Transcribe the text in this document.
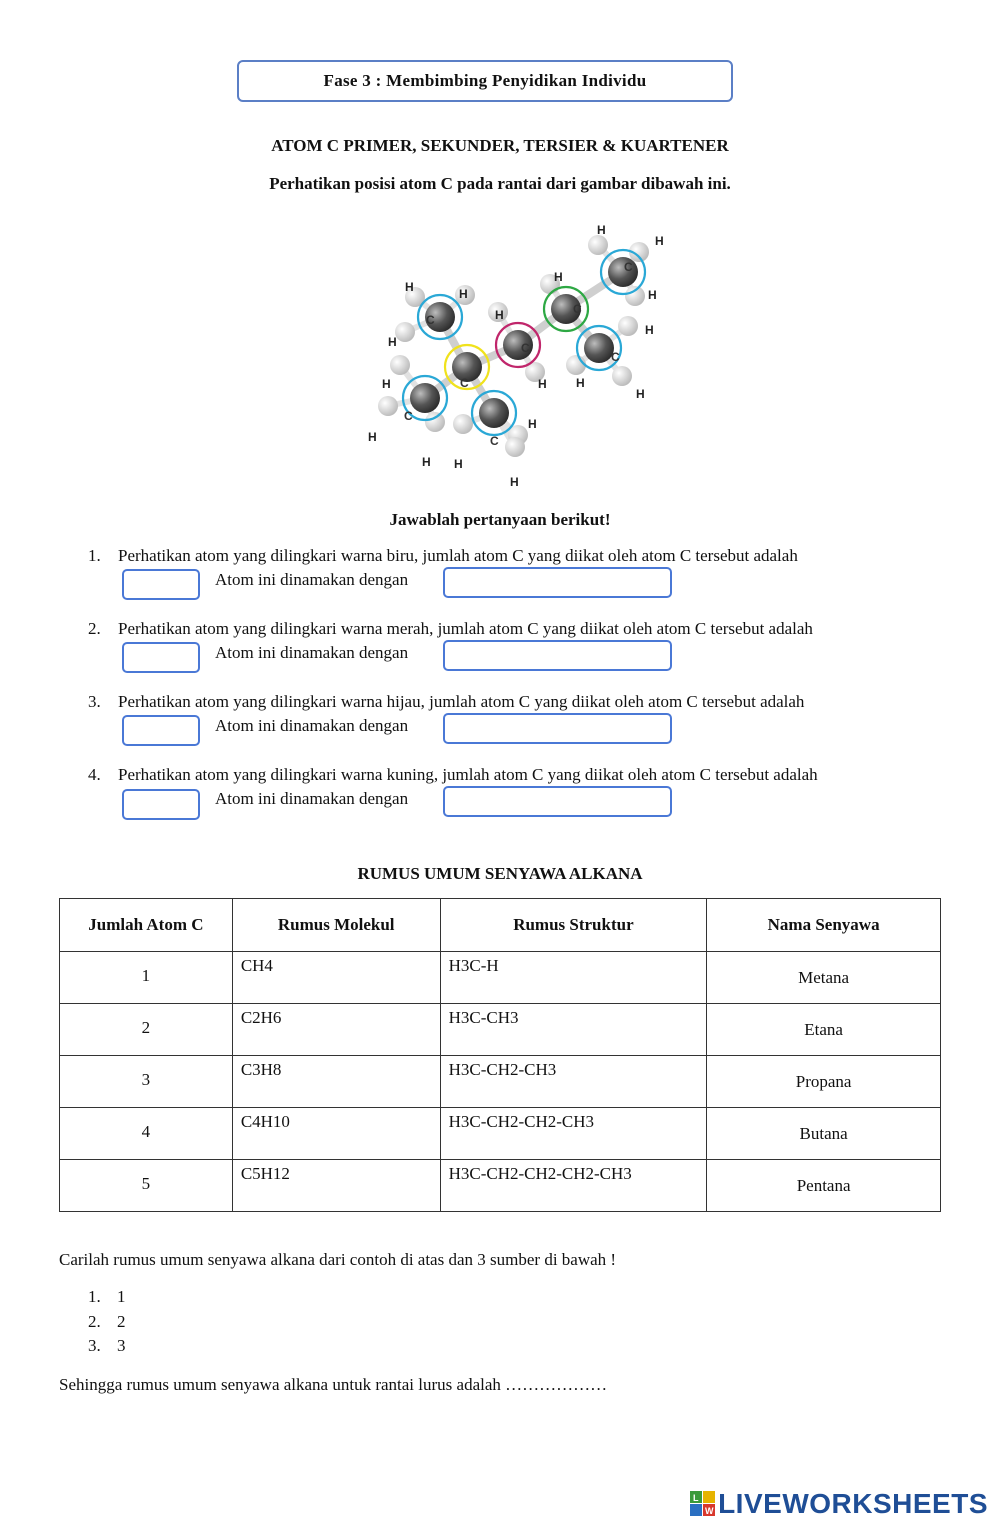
Fase 3 : Membimbing Penyidikan Individu
ATOM C PRIMER, SEKUNDER, TERSIER & KUARTENER
Perhatikan posisi atom C pada rantai dari gambar dibawah ini.
C
C
C
C
C
C
C
C
H	H
H
H
H
H H
H
H
H
H
H
H
H
H
H
H
H
Jawablah pertanyaan berikut!
1. Perhatikan atom yang dilingkari warna biru, jumlah atom C yang diikat oleh atom C tersebut adalah
Atom ini dinamakan dengan
2. Perhatikan atom yang dilingkari warna merah, jumlah atom C yang diikat oleh atom C tersebut adalah
Atom ini dinamakan dengan
3. Perhatikan atom yang dilingkari warna hijau, jumlah atom C yang diikat oleh atom C tersebut adalah
Atom ini dinamakan dengan
4. Perhatikan atom yang dilingkari warna kuning, jumlah atom C yang diikat oleh atom C tersebut adalah
Atom ini dinamakan dengan
RUMUS UMUM SENYAWA ALKANA
Jumlah Atom C	Rumus Molekul	Rumus Struktur	Nama Senyawa

1	CH4	H3C-H	Metana

2	C2H6	H3C-CH3	Etana

3	C3H8	H3C-CH2-CH3	Propana

4	C4H10	H3C-CH2-CH2-CH3	Butana

5	C5H12	H3C-CH2-CH2-CH2-CH3	Pentana
Carilah rumus umum senyawa alkana dari contoh di atas dan 3 sumber di bawah !
1. 1
2. 2
3. 3
Sehingga rumus umum senyawa alkana untuk rantai lurus adalah ………………
L
W LIVEWORKSHEETS
